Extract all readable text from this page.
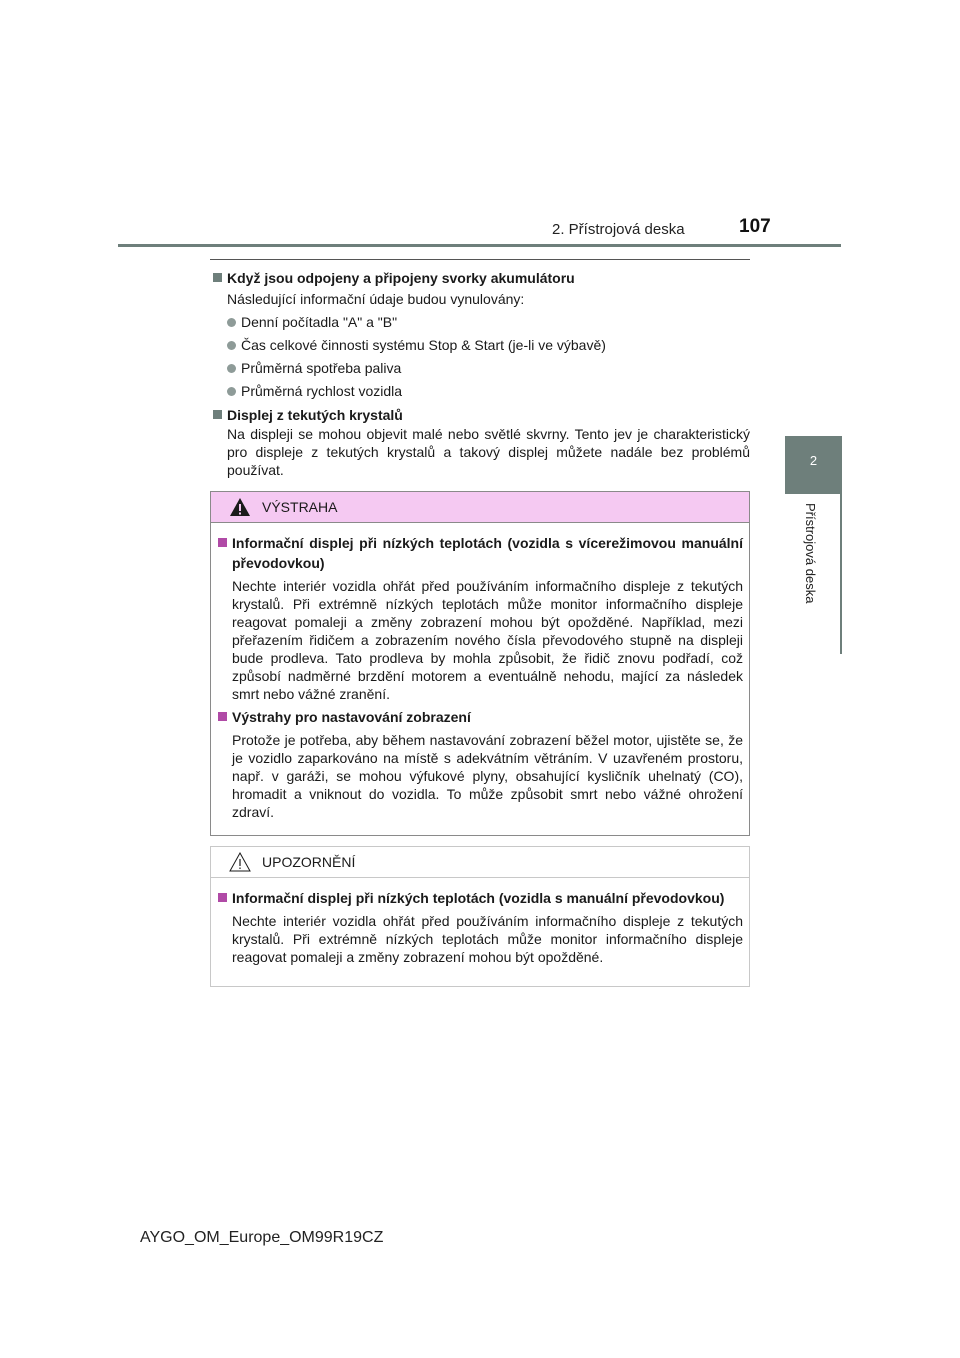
2. Přístrojová deska	107
2
Přístrojová deska
Když jsou odpojeny a připojeny svorky akumulátoru
Následující informační údaje budou vynulovány:
Denní počítadla "A" a "B"
Čas celkové činnosti systému Stop & Start (je-li ve výbavě)
Průměrná spotřeba paliva
Průměrná rychlost vozidla
Displej z tekutých krystalů
Na displeji se mohou objevit malé nebo světlé skvrny. Tento jev je charakteristický pro displeje z tekutých krystalů a takový displej můžete nadále bez problémů používat.
VÝSTRAHA
Informační displej při nízkých teplotách (vozidla s vícerežimovou manuální převodovkou)
Nechte interiér vozidla ohřát před používáním informačního displeje z tekutých krystalů. Při extrémně nízkých teplotách může monitor informačního displeje reagovat pomaleji a změny zobrazení mohou být opožděné. Například, mezi přeřazením řidičem a zobrazením nového čísla převodového stupně na displeji bude prodleva. Tato prodleva by mohla způsobit, že řidič znovu podřadí, což způsobí nadměrné brzdění motorem a eventuálně nehodu, mající za následek smrt nebo vážné zranění.
Výstrahy pro nastavování zobrazení
Protože je potřeba, aby během nastavování zobrazení běžel motor, ujistěte se, že je vozidlo zaparkováno na místě s adekvátním větráním. V uzavřeném prostoru, např. v garáži, se mohou výfukové plyny, obsahující kysličník uhelnatý (CO), hromadit a vniknout do vozidla. To může způsobit smrt nebo vážné ohrožení zdraví.
UPOZORNĚNÍ
Informační displej při nízkých teplotách (vozidla s manuální převodovkou)
Nechte interiér vozidla ohřát před používáním informačního displeje z tekutých krystalů. Při extrémně nízkých teplotách může monitor informačního displeje reagovat pomaleji a změny zobrazení mohou být opožděné.
AYGO_OM_Europe_OM99R19CZ
